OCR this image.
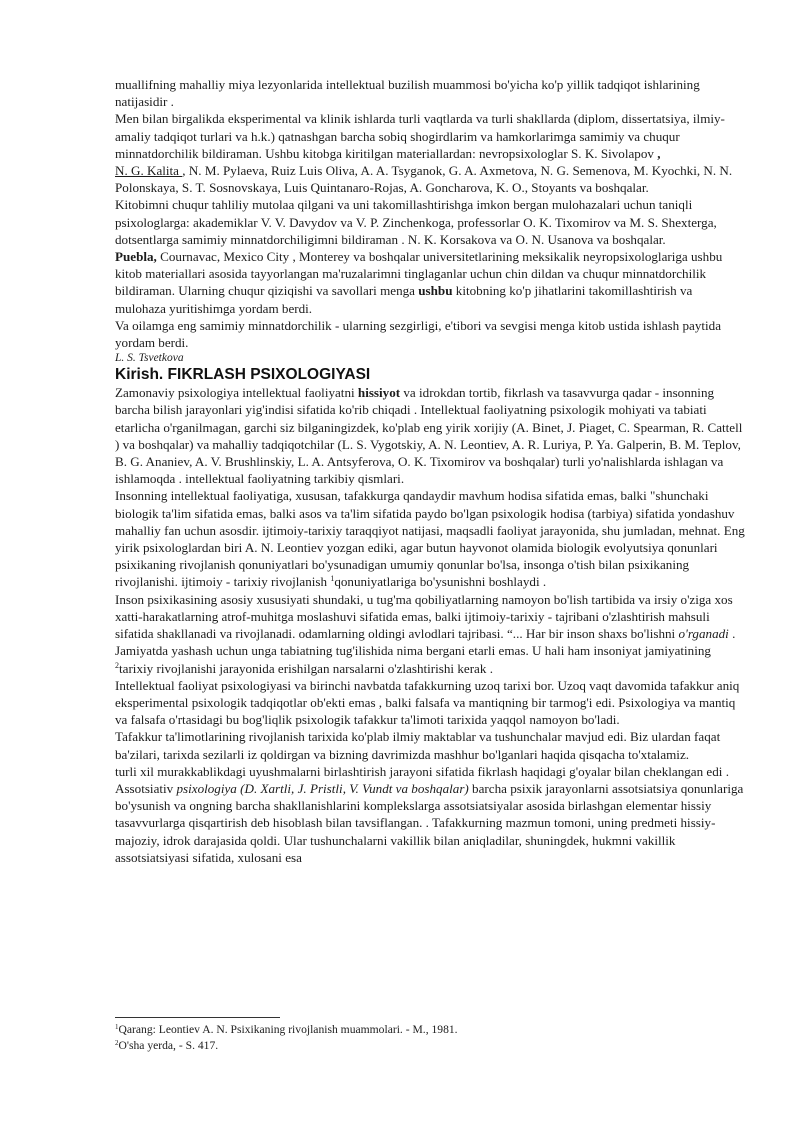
muallifning mahalliy miya lezyonlarida intellektual buzilish muammosi bo'yicha ko'p yillik tadqiqot ishlarining natijasidir .

Men bilan birgalikda eksperimental va klinik ishlarda turli vaqtlarda va turli shakllarda (diplom, dissertatsiya, ilmiy-amaliy tadqiqot turlari va h.k.) qatnashgan barcha sobiq shogirdlarim va hamkorlarimga samimiy va chuqur minnatdorchilik bildiraman. Ushbu kitobga kiritilgan materiallardan: nevropsixologlar S. K. Sivolapov ,
N. G. Kalita , N. M. Pylaeva, Ruiz Luis Oliva, A. A. Tsyganok, G. A. Axmetova, N. G. Semenova, M. Kyochki, N. N. Polonskaya, S. T. Sosnovskaya, Luis Quintanaro-Rojas, A. Goncharova, K. O., Stoyants va boshqalar.

Kitobimni chuqur tahliliy mutolaa qilgani va uni takomillashtirishga imkon bergan mulohazalari uchun taniqli psixologlarga: akademiklar V. V. Davydov va V. P. Zinchenkoga, professorlar O. K. Tixomirov va M. S. Shexterga, dotsentlarga samimiy minnatdorchiligimni bildiraman . N. K. Korsakova va O. N. Usanova va boshqalar.

Puebla, Cournavac, Mexico City , Monterey va boshqalar universitetlarining meksikalik neyropsixologlariga ushbu kitob materiallari asosida tayyorlangan ma'ruzalarimni tinglaganlar uchun chin dildan va chuqur minnatdorchilik bildiraman. Ularning chuqur qiziqishi va savollari menga ushbu kitobning ko'p jihatlarini takomillashtirish va mulohaza yuritishimga yordam berdi.

Va oilamga eng samimiy minnatdorchilik - ularning sezgirligi, e'tibori va sevgisi menga kitob ustida ishlash paytida yordam berdi.

L. S. Tsvetkova

Kirish. FIKRLASH PSIXOLOGIYASI

Zamonaviy psixologiya intellektual faoliyatni hissiyot va idrokdan tortib, fikrlash va tasavvurga qadar - insonning barcha bilish jarayonlari yig'indisi sifatida ko'rib chiqadi . Intellektual faoliyatning psixologik mohiyati va tabiati etarlicha o'rganilmagan, garchi siz bilganingizdek, ko'plab eng yirik xorijiy (A. Binet, J. Piaget, C. Spearman, R. Cattell ) va boshqalar) va mahalliy tadqiqotchilar (L. S. Vygotskiy, A. N. Leontiev, A. R. Luriya, P. Ya. Galperin, B. M. Teplov, B. G. Ananiev, A. V. Brushlinskiy, L. A. Antsyferova, O. K. Tixomirov va boshqalar) turli yo'nalishlarda ishlagan va ishlamoqda . intellektual faoliyatning tarkibiy qismlari.

Insonning intellektual faoliyatiga, xususan, tafakkurga qandaydir mavhum hodisa sifatida emas, balki "shunchaki biologik ta'lim sifatida emas, balki asos va ta'lim sifatida paydo bo'lgan psixologik hodisa (tarbiya) sifatida yondashuv mahalliy fan uchun asosdir. ijtimoiy-tarixiy taraqqiyot natijasi, maqsadli faoliyat jarayonida, shu jumladan, mehnat. Eng yirik psixologlardan biri A. N. Leontiev yozgan ediki, agar butun hayvonot olamida biologik evolyutsiya qonunlari psixikaning rivojlanish qonuniyatlari bo'ysunadigan umumiy qonunlar bo'lsa, insonga o'tish bilan psixikaning rivojlanishi. ijtimoiy - tarixiy rivojlanish $^1$qonuniyatlariga bo'ysunishni boshlaydi .

Inson psixikasining asosiy xususiyati shundaki, u tug'ma qobiliyatlarning namoyon bo'lish tartibida va irsiy o'ziga xos xatti-harakatlarning atrof-muhitga moslashuvi sifatida emas, balki ijtimoiy-tarixiy - tajribani o'zlashtirish mahsuli sifatida shakllanadi va rivojlanadi. odamlarning oldingi avlodlari tajribasi. “... Har bir inson shaxs bo'lishni o'rganadi . Jamiyatda yashash uchun unga tabiatning tug'ilishida nima bergani etarli emas. U hali ham insoniyat jamiyatining $^2$tarixiy rivojlanishi jarayonida erishilgan narsalarni o'zlashtirishi kerak .

Intellektual faoliyat psixologiyasi va birinchi navbatda tafakkurning uzoq tarixi bor. Uzoq vaqt davomida tafakkur aniq eksperimental psixologik tadqiqotlar ob'ekti emas , balki falsafa va mantiqning bir tarmog'i edi. Psixologiya va mantiq va falsafa o'rtasidagi bu bog'liqlik psixologik tafakkur ta'limoti tarixida yaqqol namoyon bo'ladi.

Tafakkur ta'limotlarining rivojlanish tarixida ko'plab ilmiy maktablar va tushunchalar mavjud edi. Biz ulardan faqat ba'zilari, tarixda sezilarli iz qoldirgan va bizning davrimizda mashhur bo'lganlari haqida qisqacha to'xtalamiz.

turli xil murakkablikdagi uyushmalarni birlashtirish jarayoni sifatida fikrlash haqidagi g'oyalar bilan cheklangan edi . Assotsiativ psixologiya (D. Xartli, J. Pristli, V. Vundt va boshqalar) barcha psixik jarayonlarni assotsiatsiya qonunlariga bo'ysunish va ongning barcha shakllanishlarini komplekslarga assotsiatsiyalar asosida birlashgan elementar hissiy tasavvurlarga qisqartirish deb hisoblash bilan tavsiflangan. . Tafakkurning mazmun tomoni, uning predmeti hissiy-majoziy, idrok darajasida qoldi. Ular tushunchalarni vakillik bilan aniqladilar, shuningdek, hukmni vakillik assotsiatsiyasi sifatida, xulosani esa

$^1$Qarang: Leontiev A. N. Psixikaning rivojlanish muammolari. - M., 1981.

$^2$O'sha yerda, - S. 417.
